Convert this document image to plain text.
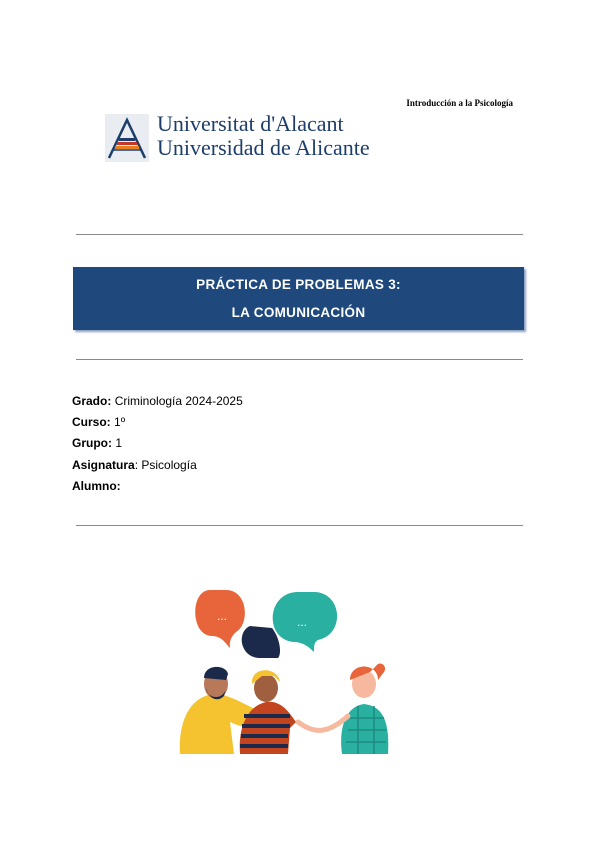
Introducción a la Psicología
Universitat d'Alacant
Universidad de Alicante
PRÁCTICA DE PROBLEMAS 3:
LA COMUNICACIÓN
Grado: Criminología 2024-2025
Curso: 1º
Grupo: 1
Asignatura: Psicología
Alumno:
...	...
